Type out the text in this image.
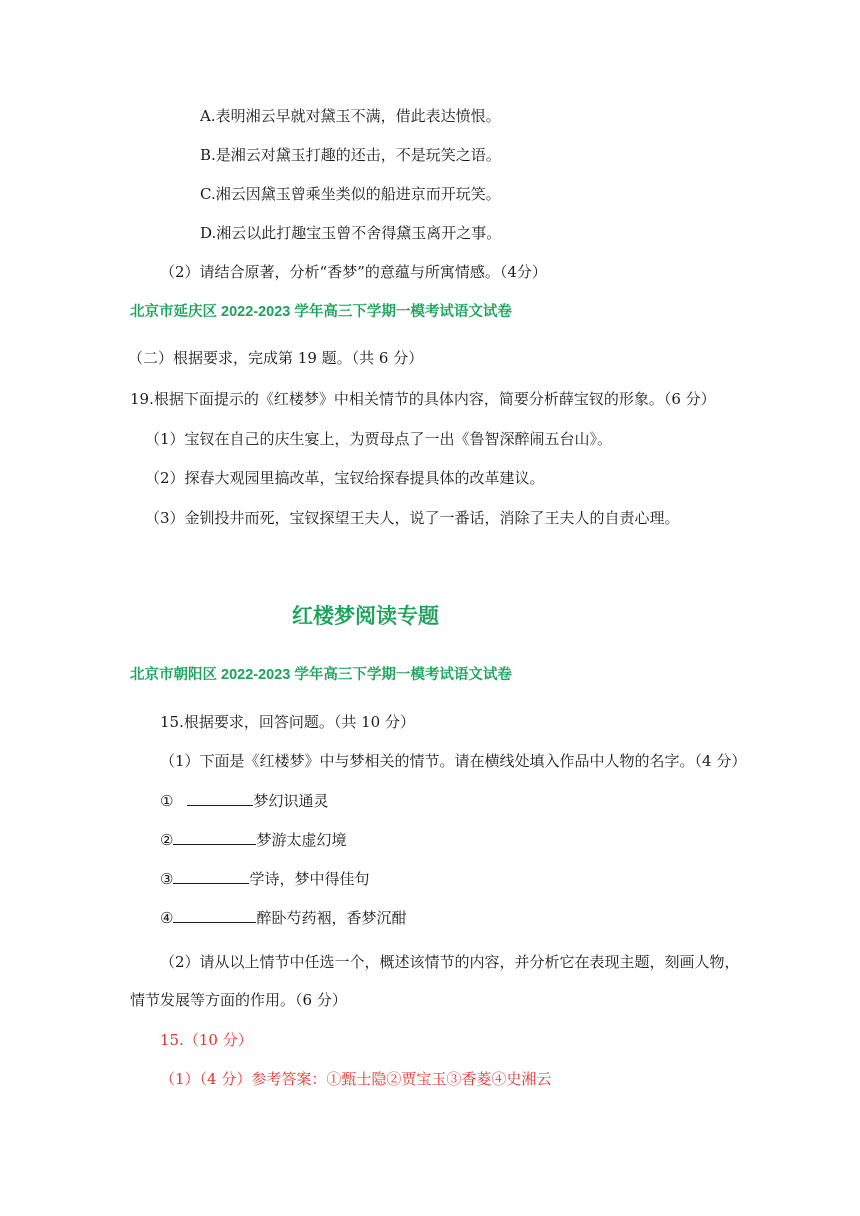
A.表明湘云早就对黛玉不满，借此表达愤恨。
B.是湘云对黛玉打趣的还击，不是玩笑之语。
C.湘云因黛玉曾乘坐类似的船进京而开玩笑。
D.湘云以此打趣宝玉曾不舍得黛玉离开之事。
（2）请结合原著，分析“香梦”的意蕴与所寓情感。（4分）
北京市延庆区 2022-2023 学年高三下学期一模考试语文试卷
（二）根据要求，完成第 19 题。（共 6 分）
19.根据下面提示的《红楼梦》中相关情节的具体内容，简要分析薛宝钗的形象。（6 分）
（1）宝钗在自己的庆生宴上，为贾母点了一出《鲁智深醉闹五台山》。
（2）探春大观园里搞改革，宝钗给探春提具体的改革建议。
（3）金钏投井而死，宝钗探望王夫人，说了一番话，消除了王夫人的自责心理。
红楼梦阅读专题
北京市朝阳区 2022-2023 学年高三下学期一模考试语文试卷
15.根据要求，回答问题。（共 10 分）
（1）下面是《红楼梦》中与梦相关的情节。请在横线处填入作品中人物的名字。（4 分）
①	梦幻识通灵
②	梦游太虚幻境
③	学诗，梦中得佳句
④	醉卧芍药裀，香梦沉酣
（2）请从以上情节中任选一个，概述该情节的内容，并分析它在表现主题，刻画人物，
情节发展等方面的作用。（6 分）
15.（10 分）
（1）（4 分）参考答案：①甄士隐②贾宝玉③香菱④史湘云
